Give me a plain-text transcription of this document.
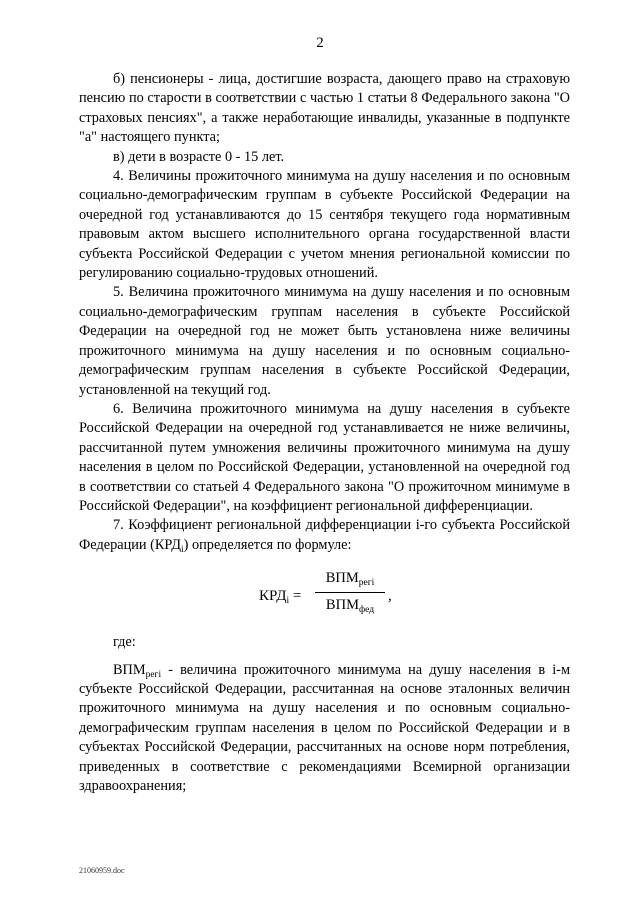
2

б) пенсионеры - лица, достигшие возраста, дающего право на страховую пенсию по старости в соответствии с частью 1 статьи 8 Федерального закона "О страховых пенсиях", а также неработающие инвалиды, указанные в подпункте "а" настоящего пункта;

в) дети в возрасте 0 - 15 лет.

4. Величины прожиточного минимума на душу населения и по основным социально-демографическим группам в субъекте Российской Федерации на очередной год устанавливаются до 15 сентября текущего года нормативным правовым актом высшего исполнительного органа государственной власти субъекта Российской Федерации с учетом мнения региональной комиссии по регулированию социально-трудовых отношений.

5. Величина прожиточного минимума на душу населения и по основным социально-демографическим группам населения в субъекте Российской Федерации на очередной год не может быть установлена ниже величины прожиточного минимума на душу населения и по основным социально-демографическим группам населения в субъекте Российской Федерации, установленной на текущий год.

6. Величина прожиточного минимума на душу населения в субъекте Российской Федерации на очередной год устанавливается не ниже величины, рассчитанной путем умножения величины прожиточного минимума на душу населения в целом по Российской Федерации, установленной на очередной год в соответствии со статьей 4 Федерального закона "О прожиточном минимуме в Российской Федерации", на коэффициент региональной дифференциации.

7. Коэффициент региональной дифференциации i-го субъекта Российской Федерации $(КРД_i)$ определяется по формуле:

$КРД_i$ =
$ВПМ_{регi}$
$ВПМ_{фед}$
,

где:

$ВПМ_{регi}$ - величина прожиточного минимума на душу населения в i-м субъекте Российской Федерации, рассчитанная на основе эталонных величин прожиточного минимума на душу населения и по основным социально-демографическим группам населения в целом по Российской Федерации и в субъектах Российской Федерации, рассчитанных на основе норм потребления, приведенных в соответствие с рекомендациями Всемирной организации здравоохранения;

21060959.doc
